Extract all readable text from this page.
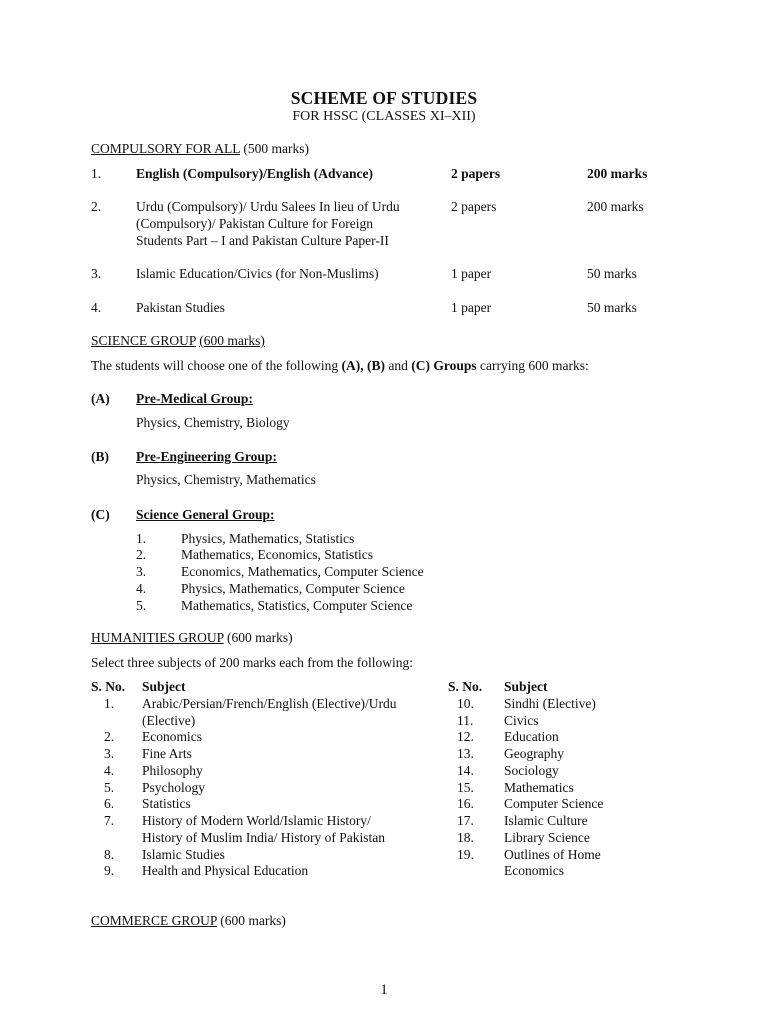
SCHEME OF STUDIES
FOR HSSC (CLASSES XI–XII)
COMPULSORY FOR ALL (500 marks)
1.	English (Compulsory)/English (Advance)	2 papers	200 marks
2.	Urdu (Compulsory)/ Urdu Salees In lieu of Urdu
(Compulsory)/ Pakistan Culture for Foreign
Students Part – I and Pakistan Culture Paper-II
2 papers	200 marks
3.	Islamic Education/Civics (for Non-Muslims)	1 paper	50 marks
4.	Pakistan Studies	1 paper	50 marks
SCIENCE GROUP (600 marks)
The students will choose one of the following (A), (B) and (C) Groups carrying 600 marks:
(A) Pre-Medical Group:
Physics, Chemistry, Biology
(B) Pre-Engineering Group:
Physics, Chemistry, Mathematics
(C) Science General Group:
1.	Physics, Mathematics, Statistics
2.	Mathematics, Economics, Statistics
3.	Economics, Mathematics, Computer Science
4.	Physics, Mathematics, Computer Science
5.	Mathematics, Statistics, Computer Science
HUMANITIES GROUP (600 marks)
Select three subjects of 200 marks each from the following:
S. No. Subject	S. No. Subject
1. Arabic/Persian/French/English (Elective)/Urdu
(Elective)
2. Economics
3. Fine Arts
4. Philosophy
5. Psychology
6. Statistics
7. History of Modern World/Islamic History/
History of Muslim India/ History of Pakistan
8. Islamic Studies
9. Health and Physical Education
10. Sindhi (Elective)
11. Civics
12. Education
13. Geography
14. Sociology
15. Mathematics
16. Computer Science
17. Islamic Culture
18. Library Science
19. Outlines of Home
Economics
COMMERCE GROUP (600 marks)
1
